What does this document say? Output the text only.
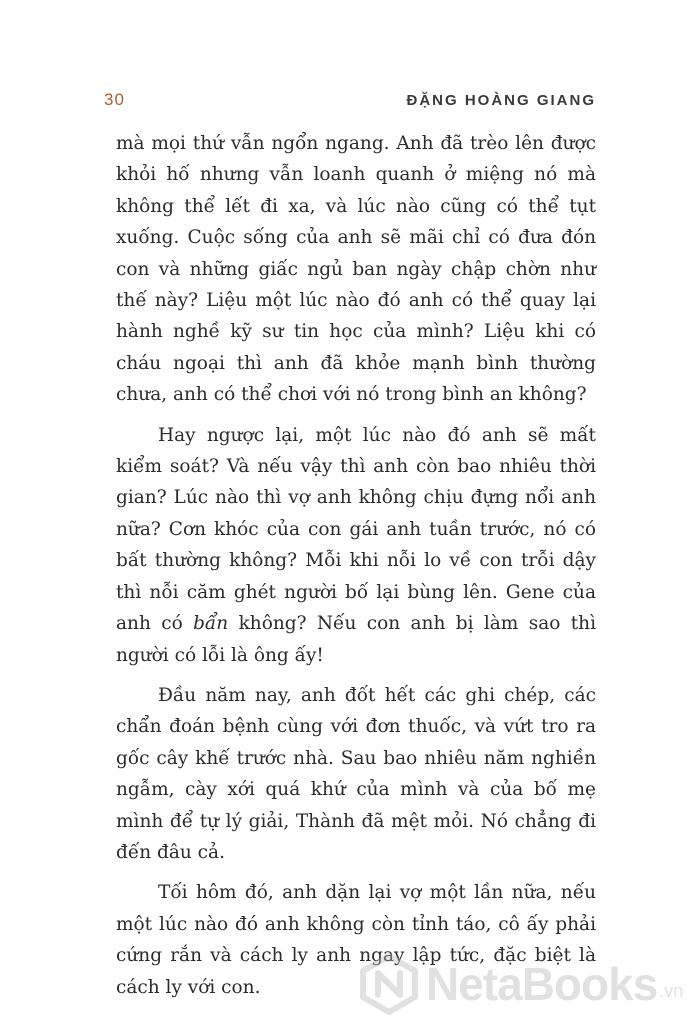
30	ĐẶNG HOÀNG GIANG

mà mọi thứ vẫn ngổn ngang. Anh đã trèo lên được khỏi hố nhưng vẫn loanh quanh ở miệng nó mà không thể lết đi xa, và lúc nào cũng có thể tụt xuống. Cuộc sống của anh sẽ mãi chỉ có đưa đón con và những giấc ngủ ban ngày chập chờn như thế này? Liệu một lúc nào đó anh có thể quay lại hành nghề kỹ sư tin học của mình? Liệu khi có cháu ngoại thì anh đã khỏe mạnh bình thường chưa, anh có thể chơi với nó trong bình an không?

Hay ngược lại, một lúc nào đó anh sẽ mất kiểm soát? Và nếu vậy thì anh còn bao nhiêu thời gian? Lúc nào thì vợ anh không chịu đựng nổi anh nữa? Cơn khóc của con gái anh tuần trước, nó có bất thường không? Mỗi khi nỗi lo về con trỗi dậy thì nỗi căm ghét người bố lại bùng lên. Gene của anh có bẩn không? Nếu con anh bị làm sao thì người có lỗi là ông ấy!

Đầu năm nay, anh đốt hết các ghi chép, các chẩn đoán bệnh cùng với đơn thuốc, và vứt tro ra gốc cây khế trước nhà. Sau bao nhiêu năm nghiền ngẫm, cày xới quá khứ của mình và của bố mẹ mình để tự lý giải, Thành đã mệt mỏi. Nó chẳng đi đến đâu cả.

Tối hôm đó, anh dặn lại vợ một lần nữa, nếu một lúc nào đó anh không còn tỉnh táo, cô ấy phải cứng rắn và cách ly anh ngay lập tức, đặc biệt là cách ly với con.	NetaBooks .vn
